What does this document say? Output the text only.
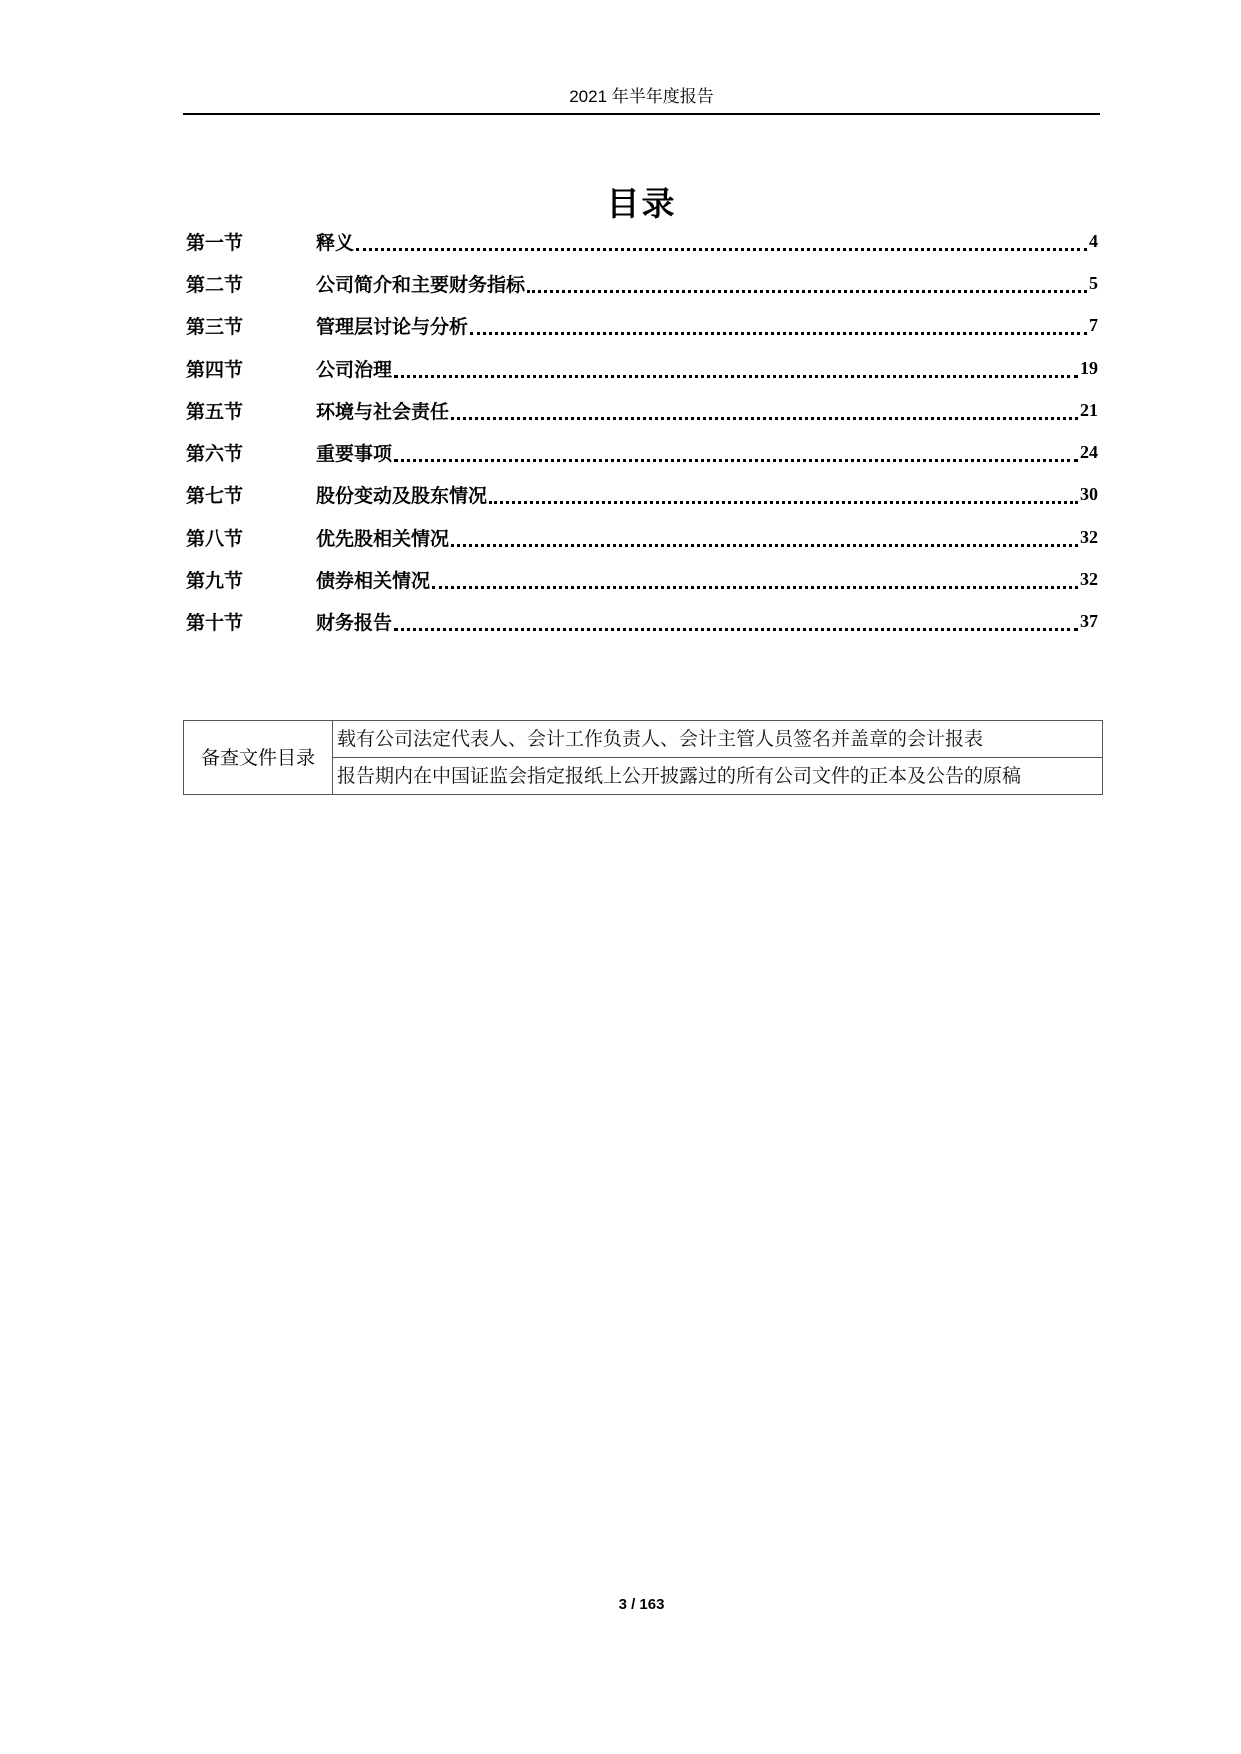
2021 年半年度报告
目录
第一节	释义	4
第二节	公司简介和主要财务指标	5
第三节	管理层讨论与分析	7
第四节	公司治理	19
第五节	环境与社会责任	21
第六节	重要事项	24
第七节	股份变动及股东情况	30
第八节	优先股相关情况	32
第九节	债券相关情况	32
第十节	财务报告	37
备查文件目录	载有公司法定代表人、会计工作负责人、会计主管人员签名并盖章的会计报表
报告期内在中国证监会指定报纸上公开披露过的所有公司文件的正本及公告的原稿
3 / 163
